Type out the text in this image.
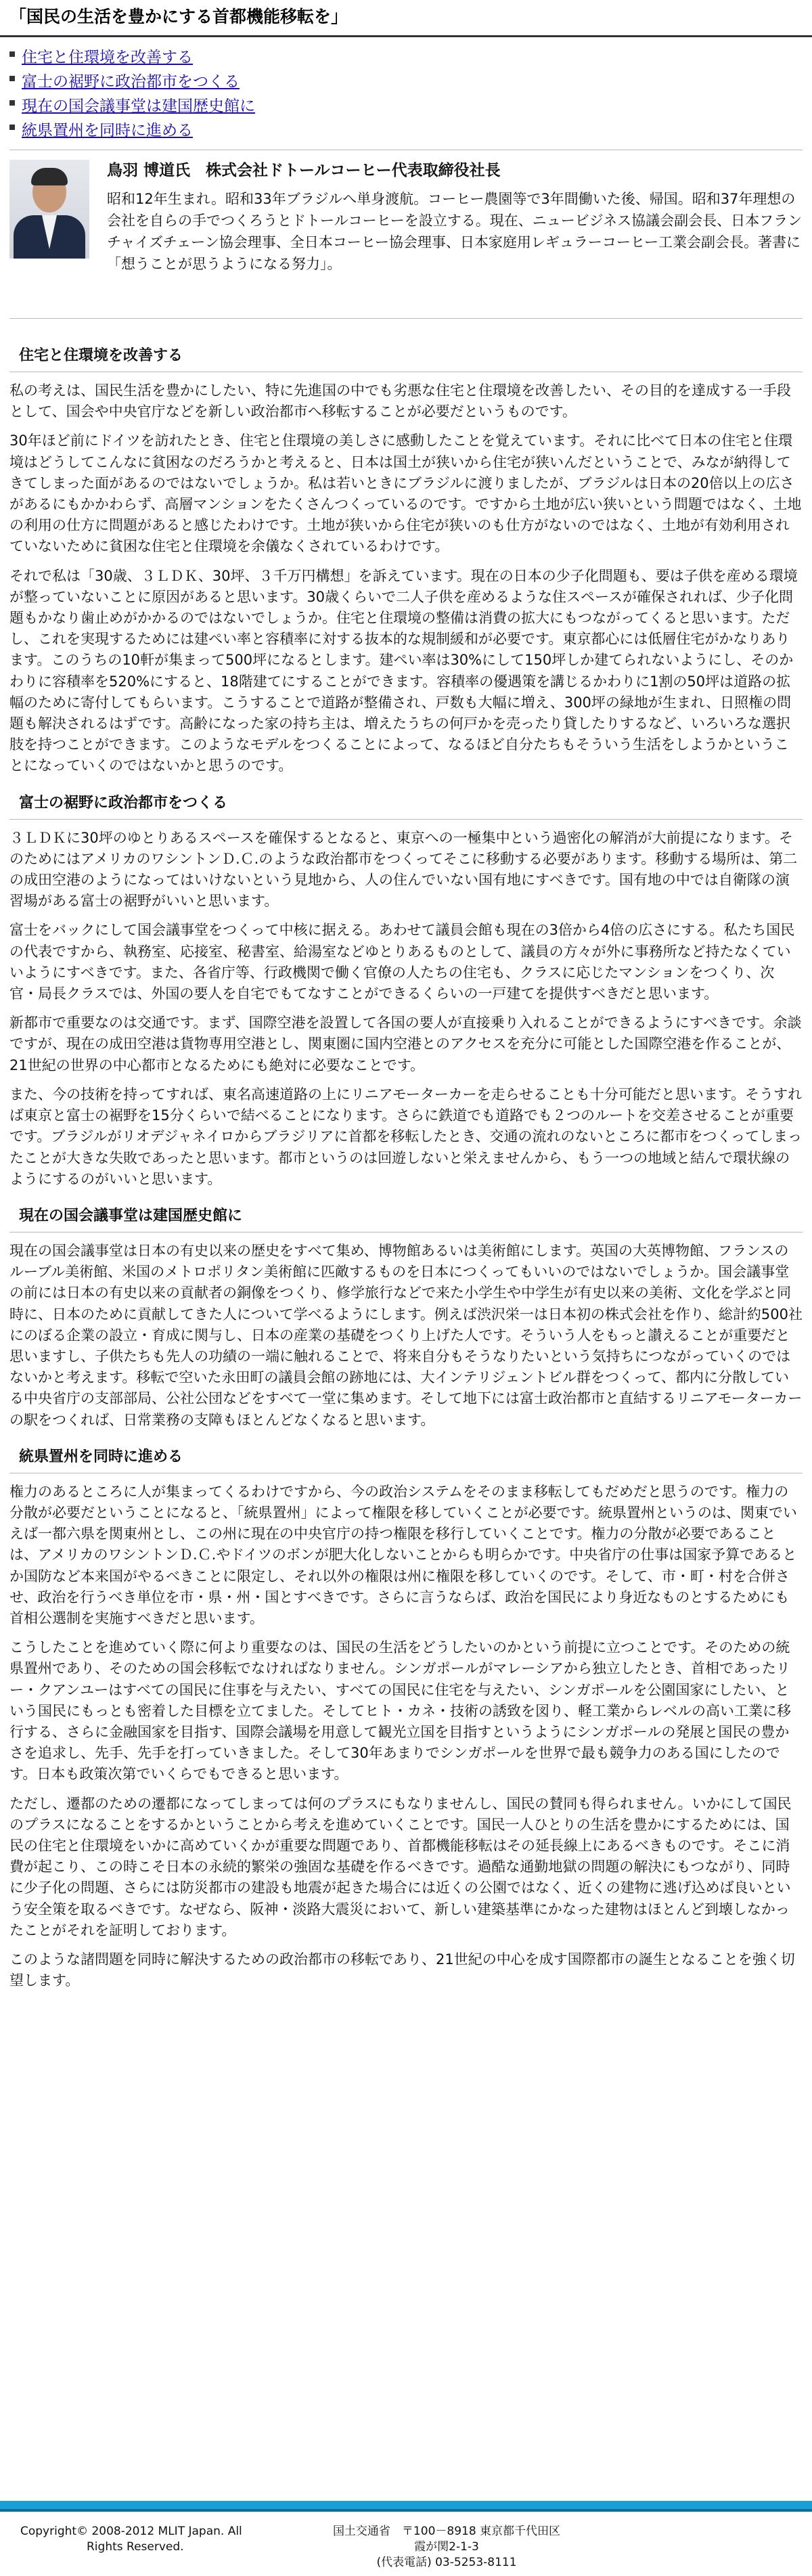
「国民の生活を豊かにする首都機能移転を」
住宅と住環境を改善する
富士の裾野に政治都市をつくる
現在の国会議事堂は建国歴史館に
統県置州を同時に進める
鳥羽 博道氏　株式会社ドトールコーヒー代表取締役社長
昭和12年生まれ。昭和33年ブラジルへ単身渡航。コーヒー農園等で3年間働いた後、帰国。昭和37年理想の会社を自らの手でつくろうとドトールコーヒーを設立する。現在、ニュービジネス協議会副会長、日本フランチャイズチェーン協会理事、全日本コーヒー協会理事、日本家庭用レギュラーコーヒー工業会副会長。著書に「想うことが思うようになる努力」。
住宅と住環境を改善する

私の考えは、国民生活を豊かにしたい、特に先進国の中でも劣悪な住宅と住環境を改善したい、その目的を達成する一手段として、国会や中央官庁などを新しい政治都市へ移転することが必要だというものです。

30年ほど前にドイツを訪れたとき、住宅と住環境の美しさに感動したことを覚えています。それに比べて日本の住宅と住環境はどうしてこんなに貧困なのだろうかと考えると、日本は国土が狭いから住宅が狭いんだということで、みなが納得してきてしまった面があるのではないでしょうか。私は若いときにブラジルに渡りましたが、ブラジルは日本の20倍以上の広さがあるにもかかわらず、高層マンションをたくさんつくっているのです。ですから土地が広い狭いという問題ではなく、土地の利用の仕方に問題があると感じたわけです。土地が狭いから住宅が狭いのも仕方がないのではなく、土地が有効利用されていないために貧困な住宅と住環境を余儀なくされているわけです。

それで私は「30歳、３ＬＤＫ、30坪、３千万円構想」を訴えています。現在の日本の少子化問題も、要は子供を産める環境が整っていないことに原因があると思います。30歳くらいで二人子供を産めるような住スペースが確保されれば、少子化問題もかなり歯止めがかかるのではないでしょうか。住宅と住環境の整備は消費の拡大にもつながってくると思います。ただし、これを実現するためには建ぺい率と容積率に対する抜本的な規制緩和が必要です。東京都心には低層住宅がかなりあります。このうちの10軒が集まって500坪になるとします。建ぺい率は30%にして150坪しか建てられないようにし、そのかわりに容積率を520%にすると、18階建てにすることができます。容積率の優遇策を講じるかわりに1割の50坪は道路の拡幅のために寄付してもらいます。こうすることで道路が整備され、戸数も大幅に増え、300坪の緑地が生まれ、日照権の問題も解決されるはずです。高齢になった家の持ち主は、増えたうちの何戸かを売ったり貸したりするなど、いろいろな選択肢を持つことができます。このようなモデルをつくることによって、なるほど自分たちもそういう生活をしようかということになっていくのではないかと思うのです。

富士の裾野に政治都市をつくる

３ＬＤＫに30坪のゆとりあるスペースを確保するとなると、東京への一極集中という過密化の解消が大前提になります。そのためにはアメリカのワシントンＤ.Ｃ.のような政治都市をつくってそこに移動する必要があります。移動する場所は、第二の成田空港のようになってはいけないという見地から、人の住んでいない国有地にすべきです。国有地の中では自衛隊の演習場がある富士の裾野がいいと思います。

富士をバックにして国会議事堂をつくって中核に据える。あわせて議員会館も現在の3倍から4倍の広さにする。私たち国民の代表ですから、執務室、応接室、秘書室、給湯室などゆとりあるものとして、議員の方々が外に事務所など持たなくていいようにすべきです。また、各省庁等、行政機関で働く官僚の人たちの住宅も、クラスに応じたマンションをつくり、次官・局長クラスでは、外国の要人を自宅でもてなすことができるくらいの一戸建てを提供すべきだと思います。

新都市で重要なのは交通です。まず、国際空港を設置して各国の要人が直接乗り入れることができるようにすべきです。余談ですが、現在の成田空港は貨物専用空港とし、関東圏に国内空港とのアクセスを充分に可能とした国際空港を作ることが、21世紀の世界の中心都市となるためにも絶対に必要なことです。

また、今の技術を持ってすれば、東名高速道路の上にリニアモーターカーを走らせることも十分可能だと思います。そうすれば東京と富士の裾野を15分くらいで結べることになります。さらに鉄道でも道路でも２つのルートを交差させることが重要です。ブラジルがリオデジャネイロからブラジリアに首都を移転したとき、交通の流れのないところに都市をつくってしまったことが大きな失敗であったと思います。都市というのは回遊しないと栄えませんから、もう一つの地域と結んで環状線のようにするのがいいと思います。

現在の国会議事堂は建国歴史館に

現在の国会議事堂は日本の有史以来の歴史をすべて集め、博物館あるいは美術館にします。英国の大英博物館、フランスのルーブル美術館、米国のメトロポリタン美術館に匹敵するものを日本につくってもいいのではないでしょうか。国会議事堂の前には日本の有史以来の貢献者の銅像をつくり、修学旅行などで来た小学生や中学生が有史以来の美術、文化を学ぶと同時に、日本のために貢献してきた人について学べるようにします。例えば渋沢栄一は日本初の株式会社を作り、総計約500社にのぼる企業の設立・育成に関与し、日本の産業の基礎をつくり上げた人です。そういう人をもっと讃えることが重要だと思いますし、子供たちも先人の功績の一端に触れることで、将来自分もそうなりたいという気持ちにつながっていくのではないかと考えます。移転で空いた永田町の議員会館の跡地には、大インテリジェントビル群をつくって、都内に分散している中央省庁の支部部局、公社公団などをすべて一堂に集めます。そして地下には富士政治都市と直結するリニアモーターカーの駅をつくれば、日常業務の支障もほとんどなくなると思います。

統県置州を同時に進める

権力のあるところに人が集まってくるわけですから、今の政治システムをそのまま移転してもだめだと思うのです。権力の分散が必要だということになると、「統県置州」によって権限を移していくことが必要です。統県置州というのは、関東でいえば一都六県を関東州とし、この州に現在の中央官庁の持つ権限を移行していくことです。権力の分散が必要であることは、アメリカのワシントンＤ.Ｃ.やドイツのボンが肥大化しないことからも明らかです。中央省庁の仕事は国家予算であるとか国防など本来国がやるべきことに限定し、それ以外の権限は州に権限を移していくのです。そして、市・町・村を合併させ、政治を行うべき単位を市・県・州・国とすべきです。さらに言うならば、政治を国民により身近なものとするためにも首相公選制を実施すべきだと思います。

こうしたことを進めていく際に何より重要なのは、国民の生活をどうしたいのかという前提に立つことです。そのための統県置州であり、そのための国会移転でなければなりません。シンガポールがマレーシアから独立したとき、首相であったリー・クアンユーはすべての国民に住事を与えたい、すべての国民に住宅を与えたい、シンガポールを公園国家にしたい、という国民にもっとも密着した目標を立てました。そしてヒト・カネ・技術の誘致を図り、軽工業からレベルの高い工業に移行する、さらに金融国家を目指す、国際会議場を用意して観光立国を目指すというようにシンガポールの発展と国民の豊かさを追求し、先手、先手を打っていきました。そして30年あまりでシンガポールを世界で最も競争力のある国にしたのです。日本も政策次第でいくらでもできると思います。

ただし、遷都のための遷都になってしまっては何のプラスにもなりませんし、国民の賛同も得られません。いかにして国民のプラスになることをするかということから考えを進めていくことです。国民一人ひとりの生活を豊かにするためには、国民の住宅と住環境をいかに高めていくかが重要な問題であり、首都機能移転はその延長線上にあるべきものです。そこに消費が起こり、この時こそ日本の永続的繁栄の強固な基礎を作るべきです。過酷な通勤地獄の問題の解決にもつながり、同時に少子化の問題、さらには防災都市の建設も地震が起きた場合には近くの公園ではなく、近くの建物に逃げ込めば良いという安全策を取るべきです。なぜなら、阪神・淡路大震災において、新しい建築基準にかなった建物はほとんど到壊しなかったことがそれを証明しております。

このような諸問題を同時に解決するための政治都市の移転であり、21世紀の中心を成す国際都市の誕生となることを強く切望します。

Copyright© 2008-2012 MLIT Japan. All
Rights Reserved.
国土交通省　〒100－8918 東京都千代田区
霞が関2-1-3
(代表電話) 03-5253-8111
